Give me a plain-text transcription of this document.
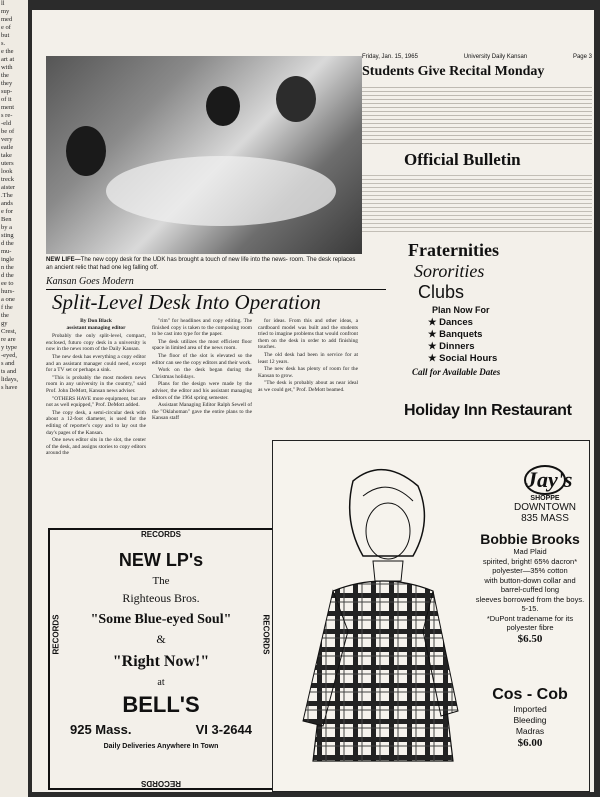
ll
my
med
e of
but
s.
e the
art at
with
the
they
sup-
of it
ment
s re-
-eld
be of
very
eatle
take
uters
look
treck
aister
.The
ands
e for
Ben
by a
sting
d the
mu-
ingle
n the
d the
ee to
hurs-
a one
f the
the
gy
Crest,
re are
y type
-eyed,
s and
ts and
lidays,
s have
Friday, Jan. 15, 1965	University Daily Kansan	Page 3
Students Give Recital Monday
Official Bulletin
NEW LIFE—The new copy desk for the UDK has brought a touch of new life into the news- room. The desk replaces an ancient relic that had one leg falling off.
Kansan Goes Modern
Split-Level Desk Into Operation
By Don Black
assistant managing editor

Probably the only split-level, compact, enclosed, futuro copy desk in a university is now in the news room of the Daily Kansan.

The new desk has everything a copy editor and an assistant manager could need, except for a TV set or perhaps a sink.

"This is probably the most modern news room in any university in the country," said Prof. John DeMott, Kansan news adviser.

"OTHERS HAVE more equipment, but are not as well equipped," Prof. DeMott added.

The copy desk, a semi-circular desk with about a 12-foot diameter, is used for the editing of reporter's copy and to lay out the day's pages of the Kansan.

One news editor sits in the slot, the center of the desk, and assigns stories to copy editors around the

"rim" for headlines and copy editing. The finished copy is taken to the composing room to be cast into type for the paper.

The desk utilizes the most efficient floor space in limited area of the news room.

The floor of the slot is elevated so the editor can see the copy editors and their work.

Work on the desk began during the Christmas holidays.

Plans for the design were made by the adviser, the editor and his assistant managing editors of the 1964 spring semester.

Assistant Managing Editor Ralph Sewell of the "Oklahoman" gave the entire plans to the Kansan staff

for ideas. From this and other ideas, a cardboard model was built and the students tried to imagine problems that would confront them on the desk in order to add finishing touches.

The old desk had been in service for at least 12 years.

The new desk has plenty of room for the Kansan to grow.

"The desk is probably about as near ideal as we could get," Prof. DeMott beamed.

Fraternities
Sororities
Clubs
Plan Now For
★ Dances
★ Banquets
★ Dinners
★ Social Hours
Call for Available Dates
Holiday Inn Restaurant
RECORDS
RECORDS	RECORDS
NEW LP's
The
Righteous Bros.
"Some Blue-eyed Soul"
&
"Right Now!"
at
BELL'S
925 Mass.	VI 3-2644
Daily Deliveries Anywhere In Town
RECORDS
Jay's
SHOPPE
DOWNTOWN
835 MASS
Bobbie Brooks
Mad Plaid
spirited, bright! 65% dacron*
polyester—35% cotton
with button-down collar and
barrel-cuffed long
sleeves borrowed from the boys.
5-15.
*DuPont tradename for its
polyester fibre
$6.50
Cos - Cob
Imported
Bleeding
Madras
$6.00
